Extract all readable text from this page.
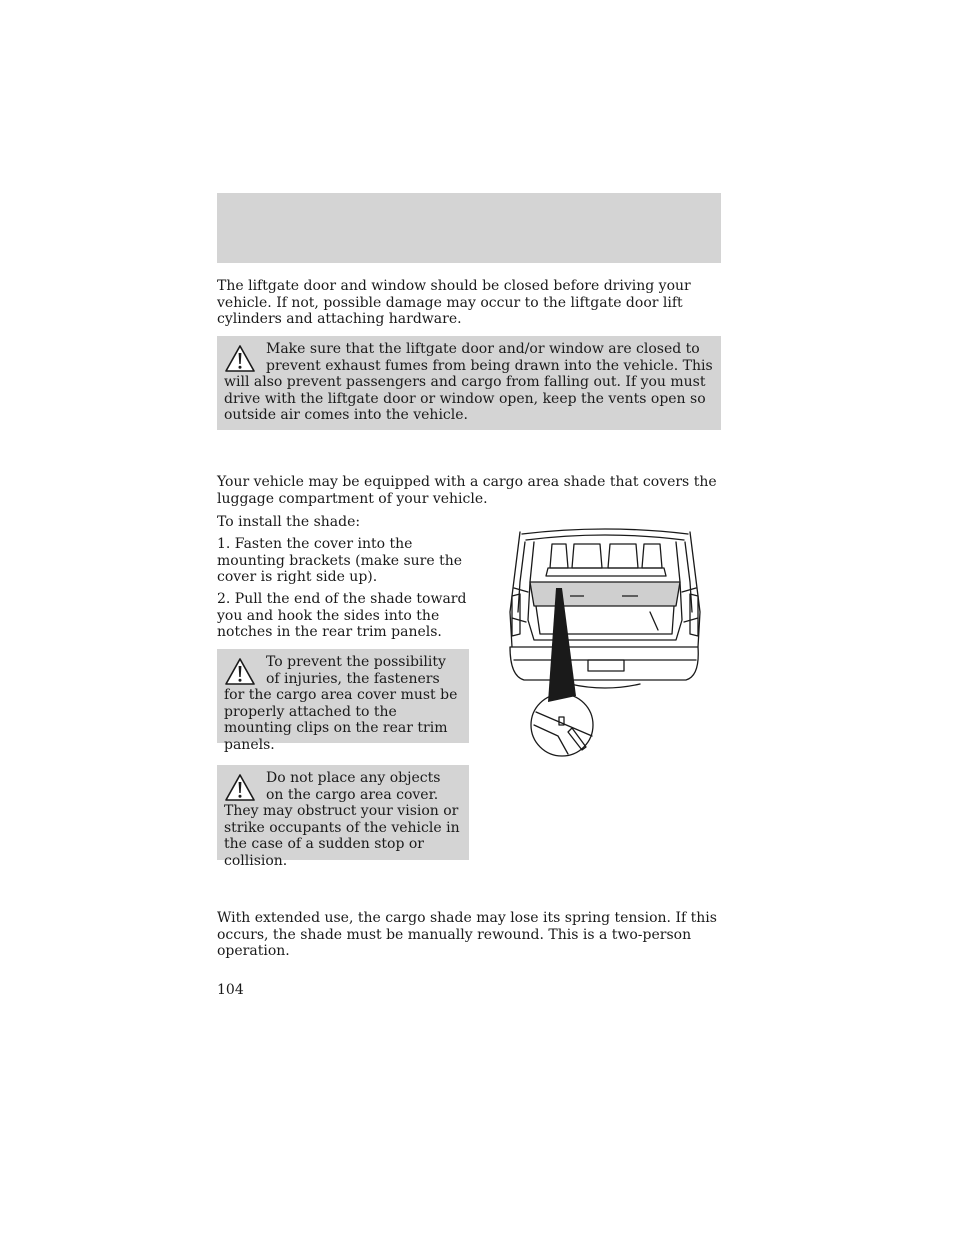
The liftgate door and window should be closed before driving your vehicle. If not, possible damage may occur to the liftgate door lift cylinders and attaching hardware.

Make sure that the liftgate door and/or window are closed to prevent exhaust fumes from being drawn into the vehicle. This will also prevent passengers and cargo from falling out. If you must drive with the liftgate door or window open, keep the vents open so outside air comes into the vehicle.

Your vehicle may be equipped with a cargo area shade that covers the luggage compartment of your vehicle.

To install the shade:

1. Fasten the cover into the mounting brackets (make sure the cover is right side up).

2. Pull the end of the shade toward you and hook the sides into the notches in the rear trim panels.

To prevent the possibility of injuries, the fasteners for the cargo area cover must be properly attached to the mounting clips on the rear trim panels.

Do not place any objects on the cargo area cover. They may obstruct your vision or strike occupants of the vehicle in the case of a sudden stop or collision.

With extended use, the cargo shade may lose its spring tension. If this occurs, the shade must be manually rewound. This is a two-person operation.

104
